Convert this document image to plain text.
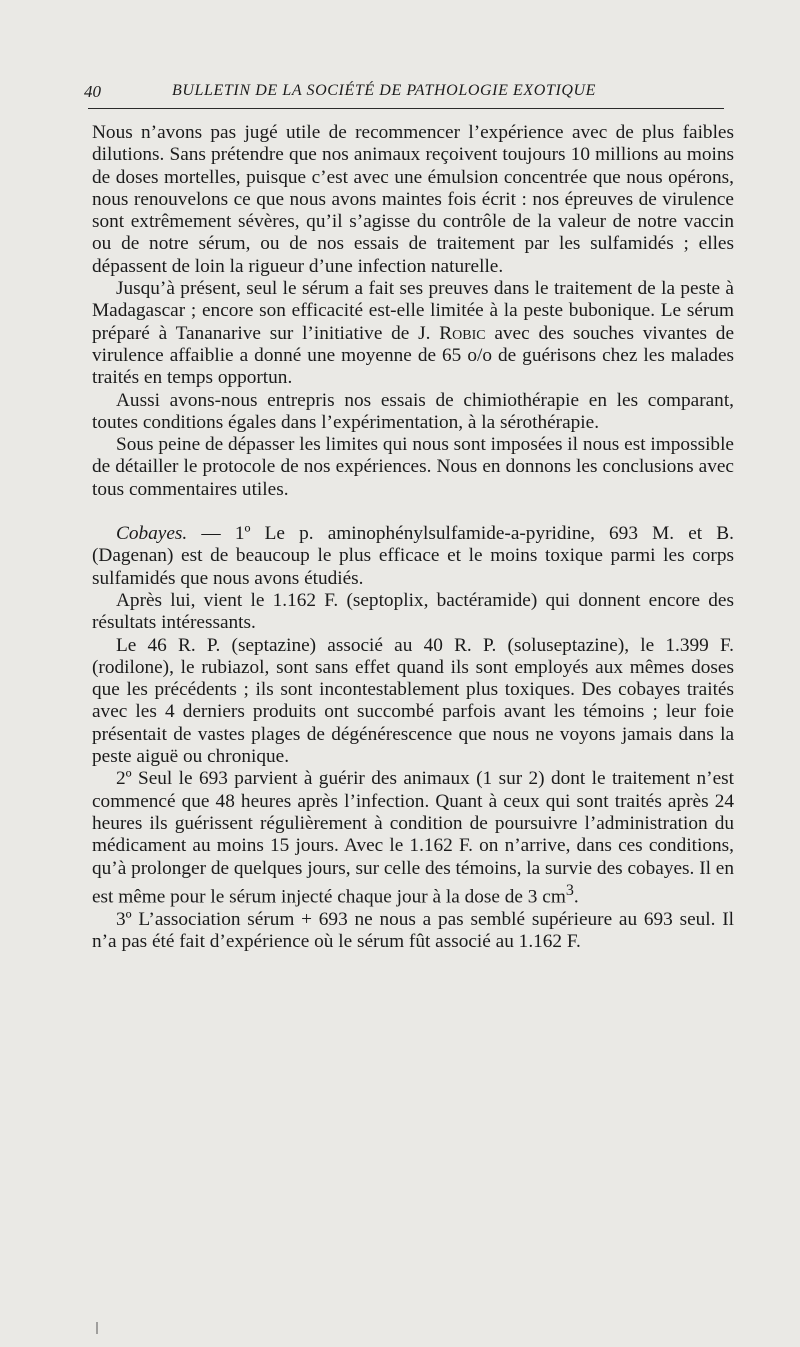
40	BULLETIN DE LA SOCIÉTÉ DE PATHOLOGIE EXOTIQUE

Nous n’avons pas jugé utile de recommencer l’expérience avec de plus faibles dilutions. Sans prétendre que nos animaux reçoivent toujours 10 millions au moins de doses mortelles, puisque c’est avec une émulsion concentrée que nous opérons, nous renouvelons ce que nous avons maintes fois écrit : nos épreuves de virulence sont extrêmement sévères, qu’il s’agisse du contrôle de la valeur de notre vaccin ou de notre sérum, ou de nos essais de traitement par les sulfamidés ; elles dépassent de loin la rigueur d’une infection naturelle.

Jusqu’à présent, seul le sérum a fait ses preuves dans le traitement de la peste à Madagascar ; encore son efficacité est-elle limitée à la peste bubonique. Le sérum préparé à Tananarive sur l’initiative de J. Robic avec des souches vivantes de virulence affaiblie a donné une moyenne de 65 o/o de guérisons chez les malades traités en temps opportun.

Aussi avons-nous entrepris nos essais de chimiothérapie en les comparant, toutes conditions égales dans l’expérimentation, à la sérothérapie.

Sous peine de dépasser les limites qui nous sont imposées il nous est impossible de détailler le protocole de nos expériences. Nous en donnons les conclusions avec tous commentaires utiles.

Cobayes. — 1º Le p. aminophénylsulfamide-a-pyridine, 693 M. et B. (Dagenan) est de beaucoup le plus efficace et le moins toxique parmi les corps sulfamidés que nous avons étudiés.

Après lui, vient le 1.162 F. (septoplix, bactéramide) qui donnent encore des résultats intéressants.

Le 46 R. P. (septazine) associé au 40 R. P. (soluseptazine), le 1.399 F. (rodilone), le rubiazol, sont sans effet quand ils sont employés aux mêmes doses que les précédents ; ils sont incontestablement plus toxiques. Des cobayes traités avec les 4 derniers produits ont succombé parfois avant les témoins ; leur foie présentait de vastes plages de dégénérescence que nous ne voyons jamais dans la peste aiguë ou chronique.

2º Seul le 693 parvient à guérir des animaux (1 sur 2) dont le traitement n’est commencé que 48 heures après l’infection. Quant à ceux qui sont traités après 24 heures ils guérissent régulièrement à condition de poursuivre l’administration du médicament au moins 15 jours. Avec le 1.162 F. on n’arrive, dans ces conditions, qu’à prolonger de quelques jours, sur celle des témoins, la survie des cobayes. Il en est même pour le sérum injecté chaque jour à la dose de 3 $cm^3$.

3º L’association sérum + 693 ne nous a pas semblé supérieure au 693 seul. Il n’a pas été fait d’expérience où le sérum fût associé au 1.162 F.
